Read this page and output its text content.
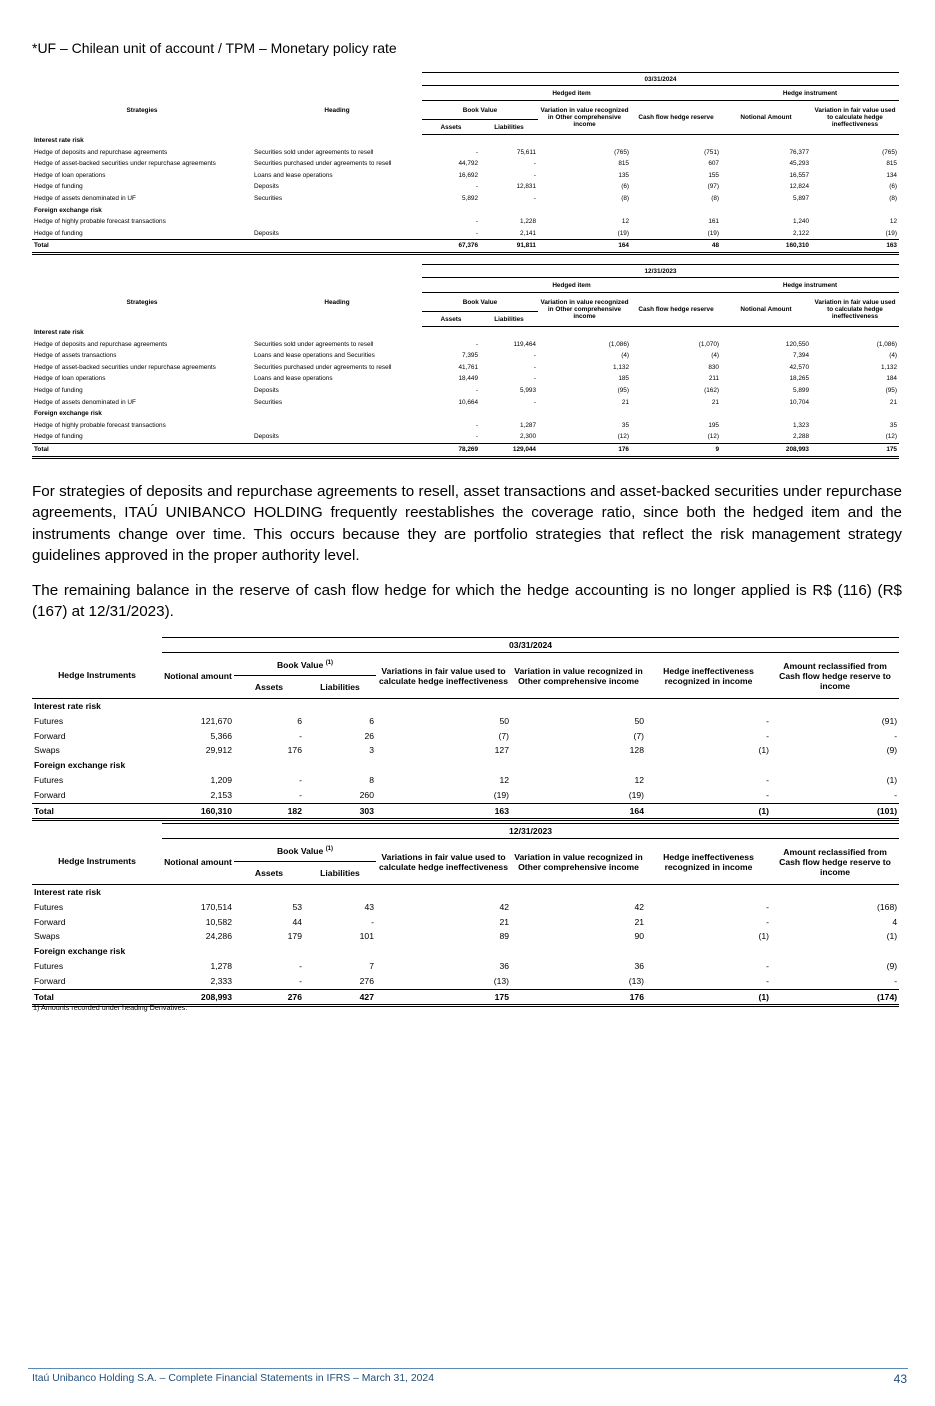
*UF – Chilean unit of account / TPM – Monetary policy rate
		03/31/2024					
Strategies	Heading	Hedged item				Hedge instrument	
		Book Value		Variation in value recognized in Other comprehensive income	Cash flow hedge reserve	Notional Amount	Variation in fair value used to calculate hedge ineffectiveness
		Assets	Liabilities				
Interest rate risk							
Hedge of deposits and repurchase agreements	Securities sold under agreements to resell	-	75,611	(765)	(751)	76,377	(765)
Hedge of asset-backed securities under repurchase agreements	Securities purchased under agreements to resell	44,792	-	815	607	45,293	815
Hedge of loan operations	Loans and lease operations	16,692	-	135	155	16,557	134
Hedge of funding	Deposits	-	12,831	(6)	(97)	12,824	(6)
Hedge of assets denominated in UF	Securities	5,892	-	(8)	(8)	5,897	(8)
Foreign exchange risk							
Hedge of highly probable forecast transactions		-	1,228	12	161	1,240	12
Hedge of funding	Deposits	-	2,141	(19)	(19)	2,122	(19)
Total		67,376	91,811	164	48	160,310	163
		12/31/2023					
Strategies	Heading	Hedged item				Hedge instrument	
		Book Value		Variation in value recognized in Other comprehensive income	Cash flow hedge reserve	Notional Amount	Variation in fair value used to calculate hedge ineffectiveness
		Assets	Liabilities				
Interest rate risk							
Hedge of deposits and repurchase agreements	Securities sold under agreements to resell	-	119,464	(1,086)	(1,070)	120,550	(1,086)
Hedge of assets transactions	Loans and lease operations and Securities	7,395	-	(4)	(4)	7,394	(4)
Hedge of asset-backed securities under repurchase agreements	Securities purchased under agreements to resell	41,761	-	1,132	830	42,570	1,132
Hedge of loan operations	Loans and lease operations	18,449	-	185	211	18,265	184
Hedge of funding	Deposits	-	5,993	(95)	(162)	5,899	(95)
Hedge of assets denominated in UF	Securities	10,664	-	21	21	10,704	21
Foreign exchange risk							
Hedge of highly probable forecast transactions		-	1,287	35	195	1,323	35
Hedge of funding	Deposits	-	2,300	(12)	(12)	2,288	(12)
Total		78,269	129,044	176	9	208,993	175

For strategies of deposits and repurchase agreements to resell, asset transactions and asset-backed securities under repurchase agreements, ITAÚ UNIBANCO HOLDING frequently reestablishes the coverage ratio, since both the hedged item and the instruments change over time. This occurs because they are portfolio strategies that reflect the risk management strategy guidelines approved in the proper authority level.

The remaining balance in the reserve of cash flow hedge for which the hedge accounting is no longer applied is R$ (116) (R$ (167) at 12/31/2023).

	03/31/2024						
Hedge Instruments	Notional amount	Book Value $^{(1)}$		Variations in fair value used to calculate hedge ineffectiveness	Variation in value recognized in Other comprehensive income	Hedge ineffectiveness recognized in income	Amount reclassified from Cash flow hedge reserve to income
		Assets	Liabilities				
Interest rate risk							
Futures	121,670	6	6	50	50	-	(91)
Forward	5,366	-	26	(7)	(7)	-	-
Swaps	29,912	176	3	127	128	(1)	(9)
Foreign exchange risk							
Futures	1,209	-	8	12	12	-	(1)
Forward	2,153	-	260	(19)	(19)	-	-
Total	160,310	182	303	163	164	(1)	(101)
	12/31/2023						
Hedge Instruments	Notional amount	Book Value $^{(1)}$		Variations in fair value used to calculate hedge ineffectiveness	Variation in value recognized in Other comprehensive income	Hedge ineffectiveness recognized in income	Amount reclassified from Cash flow hedge reserve to income
		Assets	Liabilities				
Interest rate risk							
Futures	170,514	53	43	42	42	-	(168)
Forward	10,582	44	-	21	21	-	4
Swaps	24,286	179	101	89	90	(1)	(1)
Foreign exchange risk							
Futures	1,278	-	7	36	36	-	(9)
Forward	2,333	-	276	(13)	(13)	-	-
Total	208,993	276	427	175	176	(1)	(174)
1) Amounts recorded under heading Derivatives.
Itaú Unibanco Holding S.A. – Complete Financial Statements in IFRS – March 31, 2024	43
